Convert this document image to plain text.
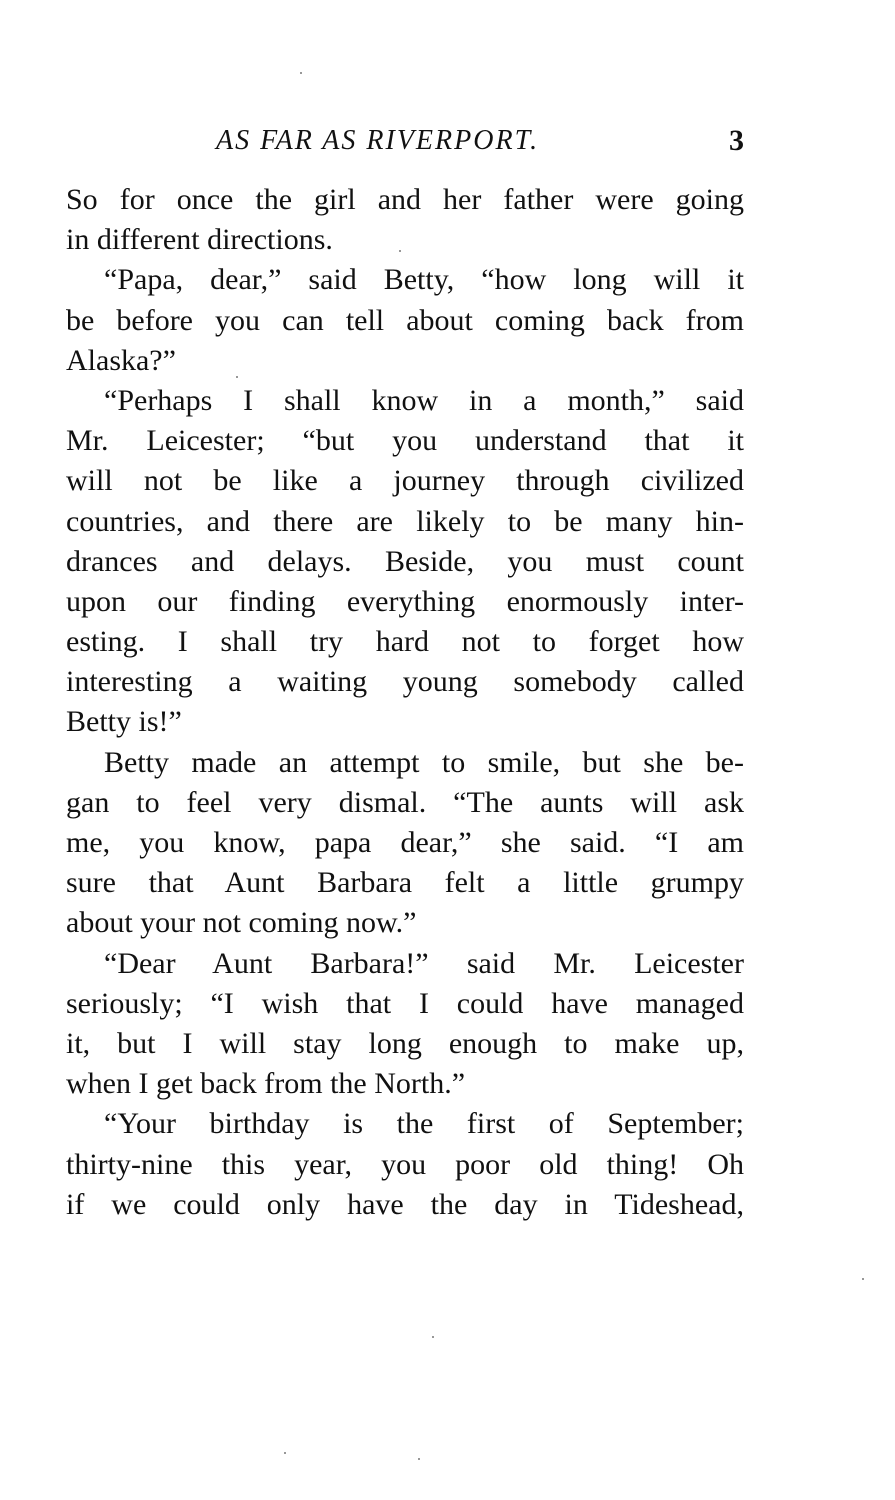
AS FAR AS RIVERPORT.	3
So for once the girl and her father were going
in different directions.
“Papa, dear,” said Betty, “how long will it
be before you can tell about coming back from
Alaska?”
“Perhaps I shall know in a month,” said
Mr. Leicester; “but you understand that it
will not be like a journey through civilized
countries, and there are likely to be many hin-
drances and delays. Beside, you must count
upon our finding everything enormously inter-
esting. I shall try hard not to forget how
interesting a waiting young somebody called
Betty is!”
Betty made an attempt to smile, but she be-
gan to feel very dismal. “The aunts will ask
me, you know, papa dear,” she said. “I am
sure that Aunt Barbara felt a little grumpy
about your not coming now.”
“Dear Aunt Barbara!” said Mr. Leicester
seriously; “I wish that I could have managed
it, but I will stay long enough to make up,
when I get back from the North.”
“Your birthday is the first of September;
thirty-nine this year, you poor old thing! Oh
if we could only have the day in Tideshead,
